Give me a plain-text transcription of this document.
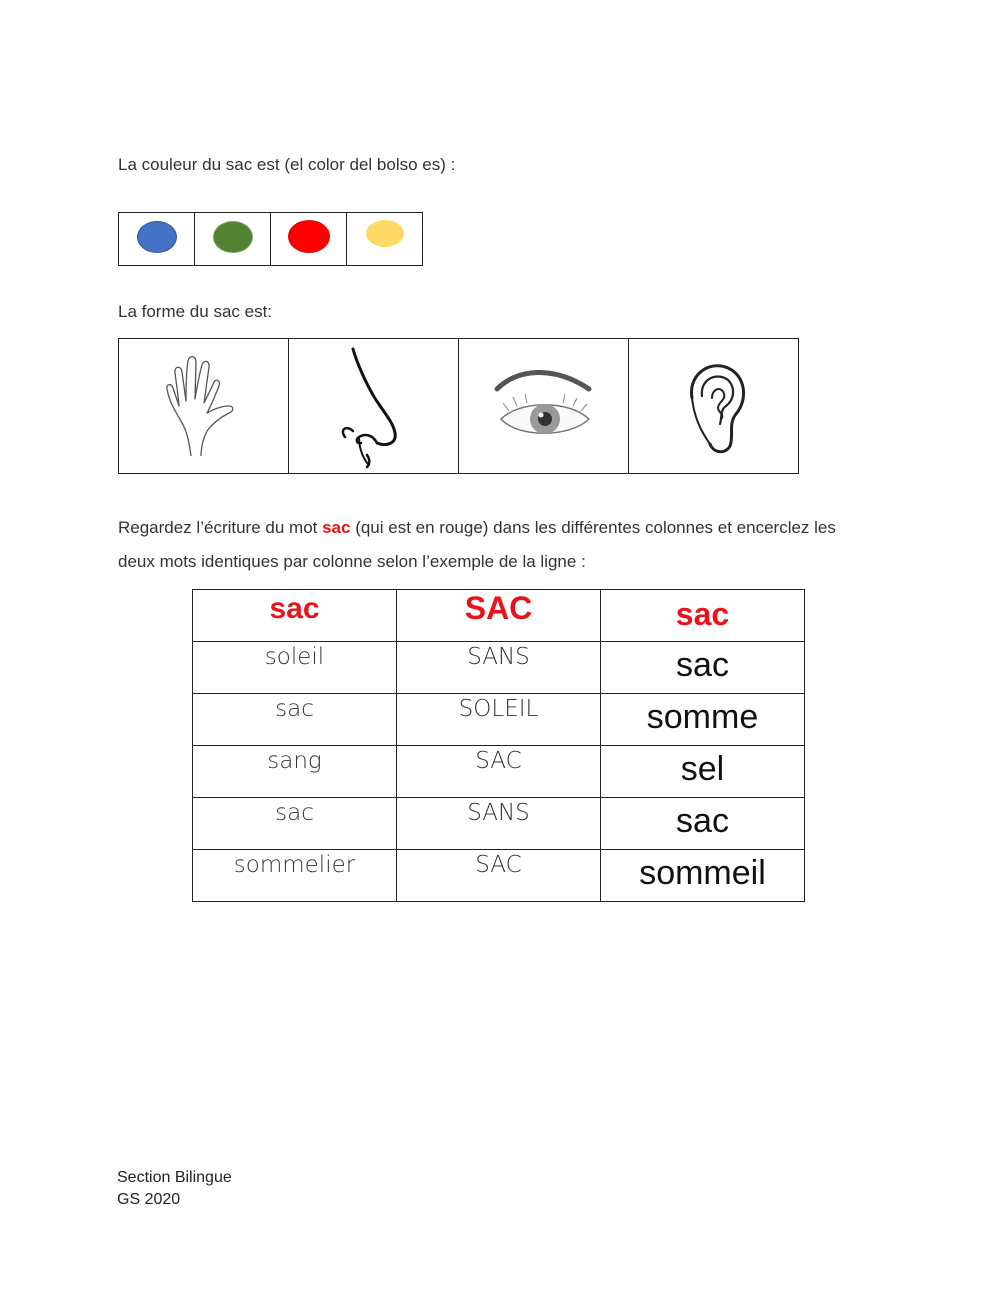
La couleur du sac est (el color del bolso es) :

La forme du sac est:

Regardez l’écriture du mot sac (qui est en rouge) dans les différentes colonnes et encerclez les deux mots identiques par colonne selon l’exemple de la ligne :

sac	SAC	sac

soleil	SANS	sac

sac	SOLEIL	somme

sang	SAC	sel

sac	SANS	sac

sommelier	SAC	sommeil
Section Bilingue
GS 2020
